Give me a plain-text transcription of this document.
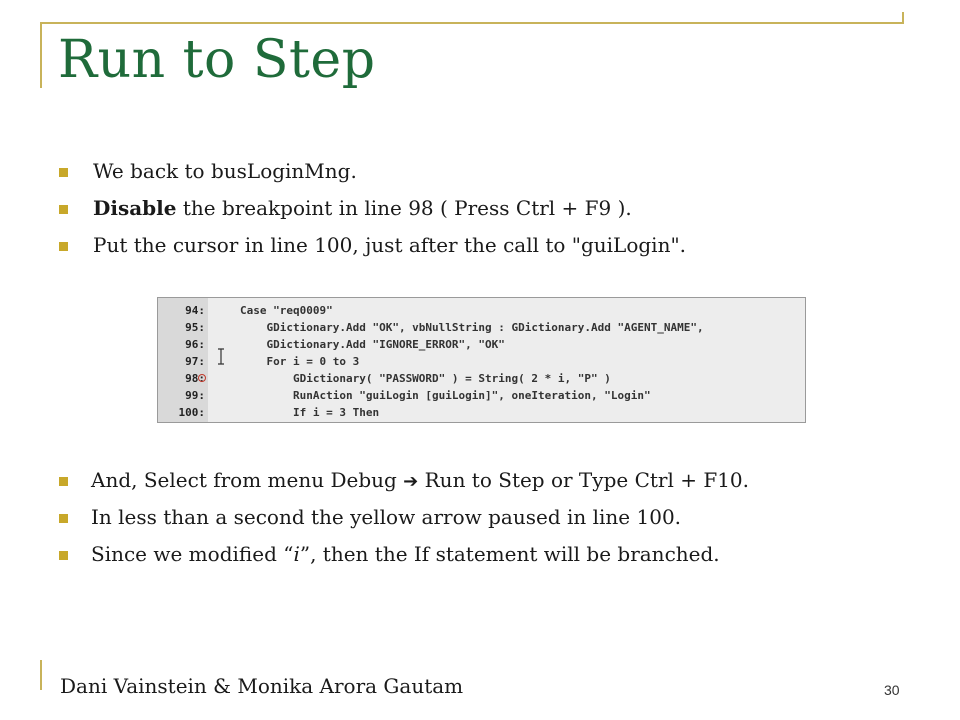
Run to Step
We back to busLoginMng.
Disable the breakpoint in line 98 ( Press Ctrl + F9 ).
Put the cursor in line 100, just after the call to "guiLogin".
94:	Case "req0009"
95:	GDictionary.Add "OK", vbNullString : GDictionary.Add "AGENT_NAME",
96:	GDictionary.Add "IGNORE_ERROR", "OK"
97:	For i = 0 to 3
98:	GDictionary( "PASSWORD" ) = String( 2 * i, "P" )
99:	RunAction "guiLogin [guiLogin]", oneIteration, "Login"
100:	If i = 3 Then
And, Select from menu Debug ➔ Run to Step or Type Ctrl + F10.
In less than a second the yellow arrow paused in line 100.
Since we modified “i”, then the If statement will be branched.
Dani Vainstein & Monika Arora Gautam	30
